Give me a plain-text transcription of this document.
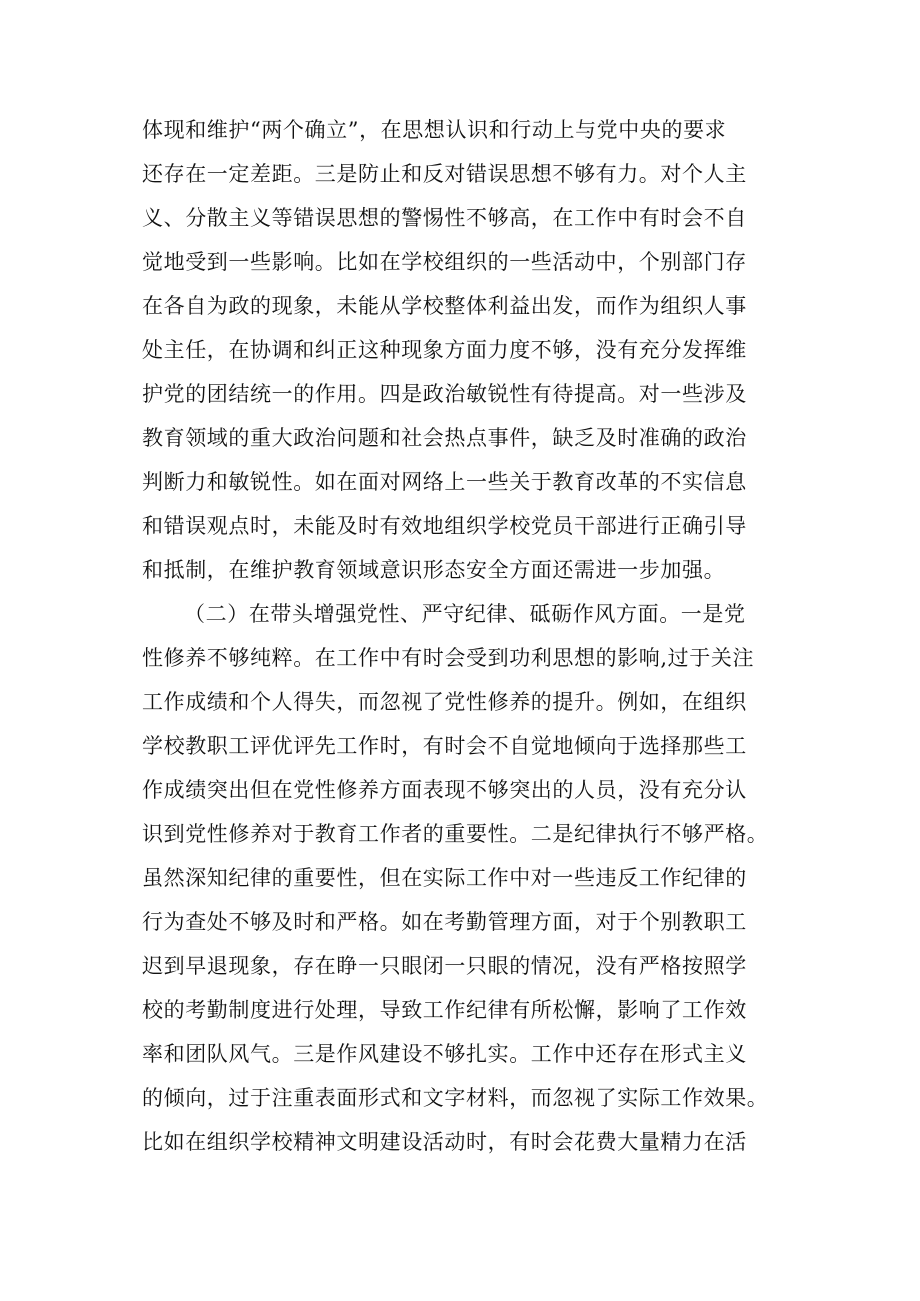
体现和维护“两个确立”，在思想认识和行动上与党中央的要求
还存在一定差距。三是防止和反对错误思想不够有力。对个人主
义、分散主义等错误思想的警惕性不够高，在工作中有时会不自
觉地受到一些影响。比如在学校组织的一些活动中，个别部门存
在各自为政的现象，未能从学校整体利益出发，而作为组织人事
处主任，在协调和纠正这种现象方面力度不够，没有充分发挥维
护党的团结统一的作用。四是政治敏锐性有待提高。对一些涉及
教育领域的重大政治问题和社会热点事件，缺乏及时准确的政治
判断力和敏锐性。如在面对网络上一些关于教育改革的不实信息
和错误观点时，未能及时有效地组织学校党员干部进行正确引导
和抵制，在维护教育领域意识形态安全方面还需进一步加强。
（二）在带头增强党性、严守纪律、砥砺作风方面。一是党
性修养不够纯粹。在工作中有时会受到功利思想的影响,过于关注
工作成绩和个人得失，而忽视了党性修养的提升。例如，在组织
学校教职工评优评先工作时，有时会不自觉地倾向于选择那些工
作成绩突出但在党性修养方面表现不够突出的人员，没有充分认
识到党性修养对于教育工作者的重要性。二是纪律执行不够严格。
虽然深知纪律的重要性，但在实际工作中对一些违反工作纪律的
行为查处不够及时和严格。如在考勤管理方面，对于个别教职工
迟到早退现象，存在睁一只眼闭一只眼的情况，没有严格按照学
校的考勤制度进行处理，导致工作纪律有所松懈，影响了工作效
率和团队风气。三是作风建设不够扎实。工作中还存在形式主义
的倾向，过于注重表面形式和文字材料，而忽视了实际工作效果。
比如在组织学校精神文明建设活动时，有时会花费大量精力在活
